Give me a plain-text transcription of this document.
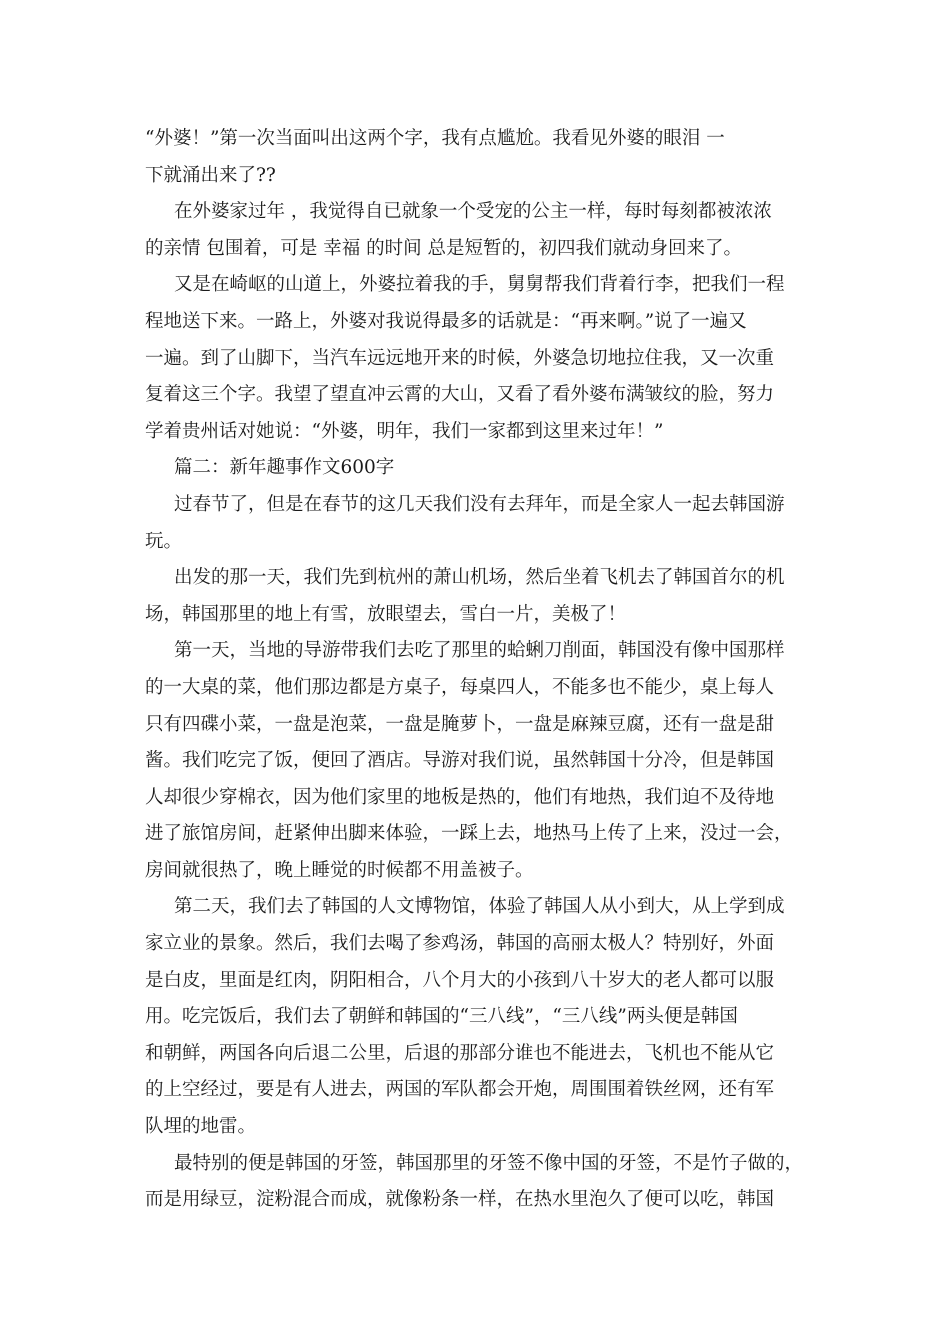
“外婆！”第一次当面叫出这两个字，我有点尴尬。我看见外婆的眼泪 一
下就涌出来了??
在外婆家过年 ，我觉得自已就象一个受宠的公主一样，每时每刻都被浓浓
的亲情 包围着，可是 幸福 的时间 总是短暂的，初四我们就动身回来了。
又是在崎岖的山道上，外婆拉着我的手，舅舅帮我们背着行李，把我们一程
程地送下来。一路上，外婆对我说得最多的话就是：“再来啊。”说了一遍又
一遍。到了山脚下，当汽车远远地开来的时候，外婆急切地拉住我，又一次重
复着这三个字。我望了望直冲云霄的大山，又看了看外婆布满皱纹的脸，努力
学着贵州话对她说：“外婆，明年，我们一家都到这里来过年！”
篇二：新年趣事作文600字
过春节了，但是在春节的这几天我们没有去拜年，而是全家人一起去韩国游
玩。
出发的那一天，我们先到杭州的萧山机场，然后坐着飞机去了韩国首尔的机
场，韩国那里的地上有雪，放眼望去，雪白一片，美极了！
第一天，当地的导游带我们去吃了那里的蛤蜊刀削面，韩国没有像中国那样
的一大桌的菜，他们那边都是方桌子，每桌四人，不能多也不能少，桌上每人
只有四碟小菜，一盘是泡菜，一盘是腌萝卜，一盘是麻辣豆腐，还有一盘是甜
酱。我们吃完了饭，便回了酒店。导游对我们说，虽然韩国十分冷，但是韩国
人却很少穿棉衣，因为他们家里的地板是热的，他们有地热，我们迫不及待地
进了旅馆房间，赶紧伸出脚来体验，一踩上去，地热马上传了上来，没过一会，
房间就很热了，晚上睡觉的时候都不用盖被子。
第二天，我们去了韩国的人文博物馆，体验了韩国人从小到大，从上学到成
家立业的景象。然后，我们去喝了参鸡汤，韩国的高丽太极人？特别好，外面
是白皮，里面是红肉，阴阳相合，八个月大的小孩到八十岁大的老人都可以服
用。吃完饭后，我们去了朝鲜和韩国的“三八线”，“三八线”两头便是韩国
和朝鲜，两国各向后退二公里，后退的那部分谁也不能进去，飞机也不能从它
的上空经过，要是有人进去，两国的军队都会开炮，周围围着铁丝网，还有军
队埋的地雷。
最特别的便是韩国的牙签，韩国那里的牙签不像中国的牙签，不是竹子做的，
而是用绿豆，淀粉混合而成，就像粉条一样，在热水里泡久了便可以吃，韩国
